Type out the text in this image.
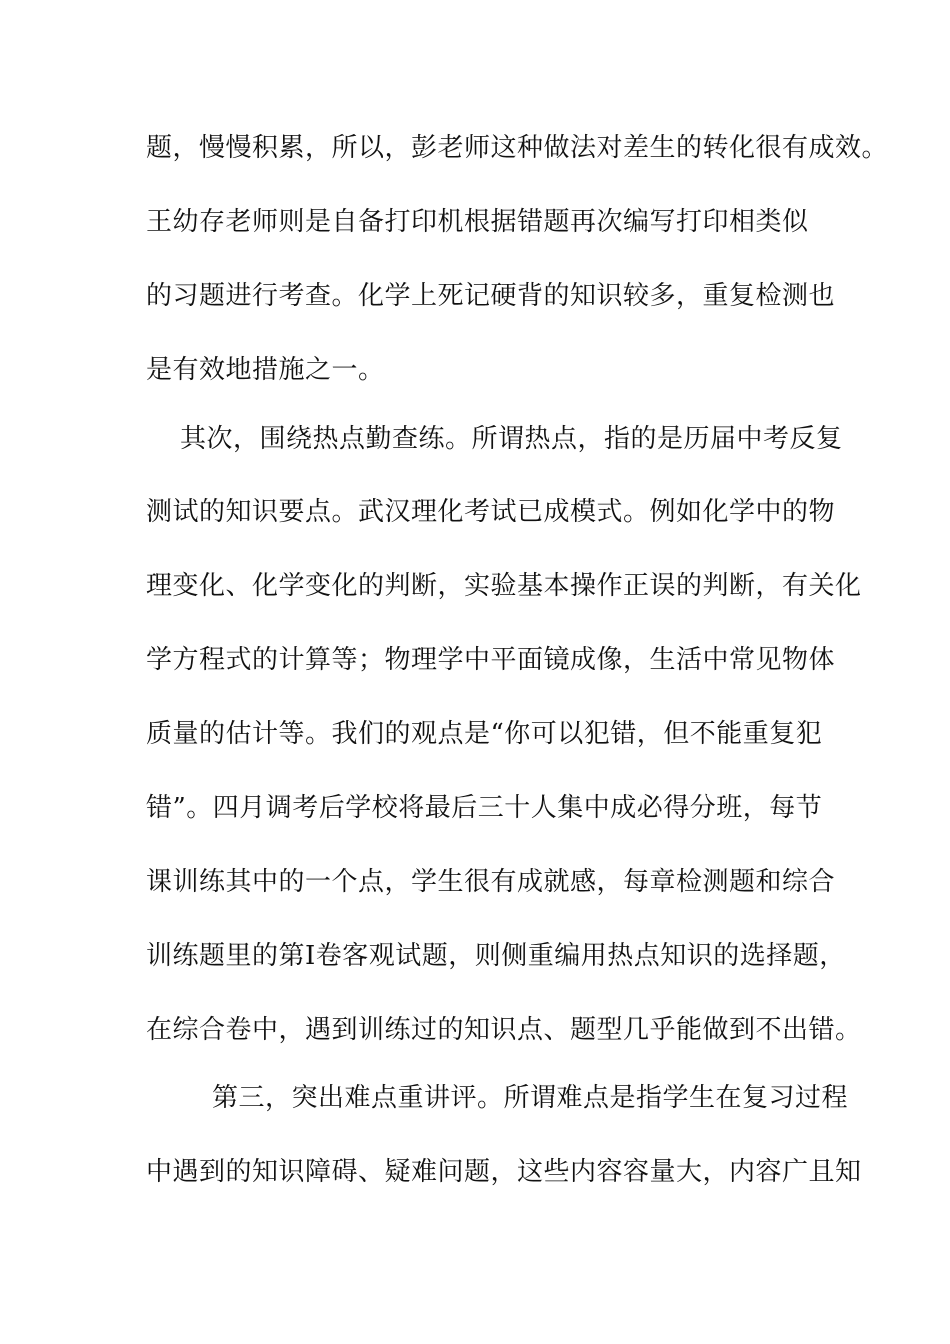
题，慢慢积累，所以，彭老师这种做法对差生的转化很有成效。
王幼存老师则是自备打印机根据错题再次编写打印相类似
的习题进行考查。化学上死记硬背的知识较多，重复检测也
是有效地措施之一。
其次，围绕热点勤查练。所谓热点，指的是历届中考反复
测试的知识要点。武汉理化考试已成模式。例如化学中的物
理变化、化学变化的判断，实验基本操作正误的判断，有关化
学方程式的计算等；物理学中平面镜成像，生活中常见物体
质量的估计等。我们的观点是“你可以犯错，但不能重复犯
错”。四月调考后学校将最后三十人集中成必得分班，每节
课训练其中的一个点，学生很有成就感，每章检测题和综合
训练题里的第Ⅰ卷客观试题，则侧重编用热点知识的选择题，
在综合卷中，遇到训练过的知识点、题型几乎能做到不出错。
第三，突出难点重讲评。所谓难点是指学生在复习过程
中遇到的知识障碍、疑难问题，这些内容容量大，内容广且知
